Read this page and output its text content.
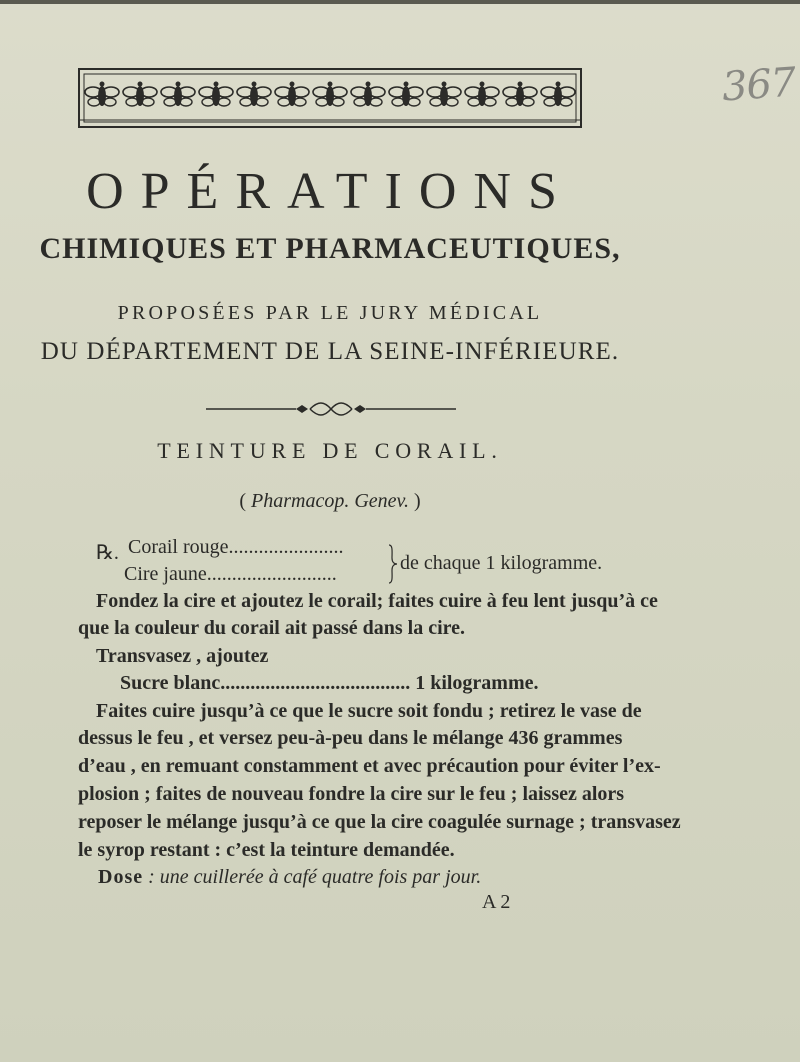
367
OPÉRATIONS
CHIMIQUES ET PHARMACEUTIQUES,
PROPOSÉES PAR LE JURY MÉDICAL
DU DÉPARTEMENT DE LA SEINE-INFÉRIEURE.
TEINTURE DE CORAIL.
( Pharmacop. Genev. )
℞. Corail rouge.......................
Cire jaune..........................	de chaque 1 kilogramme.
Fondez la cire et ajoutez le corail; faites cuire à feu lent jusqu’à ce
que la couleur du corail ait passé dans la cire.
Transvasez , ajoutez
Sucre blanc...................................... 1 kilogramme.
Faites cuire jusqu’à ce que le sucre soit fondu ; retirez le vase de
dessus le feu , et versez peu-à-peu dans le mélange 436 grammes
d’eau , en remuant constamment et avec précaution pour éviter l’ex-
plosion ; faites de nouveau fondre la cire sur le feu ; laissez alors
reposer le mélange jusqu’à ce que la cire coagulée surnage ; transvasez
le syrop restant : c’est la teinture demandée.
Dose : une cuillerée à café quatre fois par jour.
A 2
